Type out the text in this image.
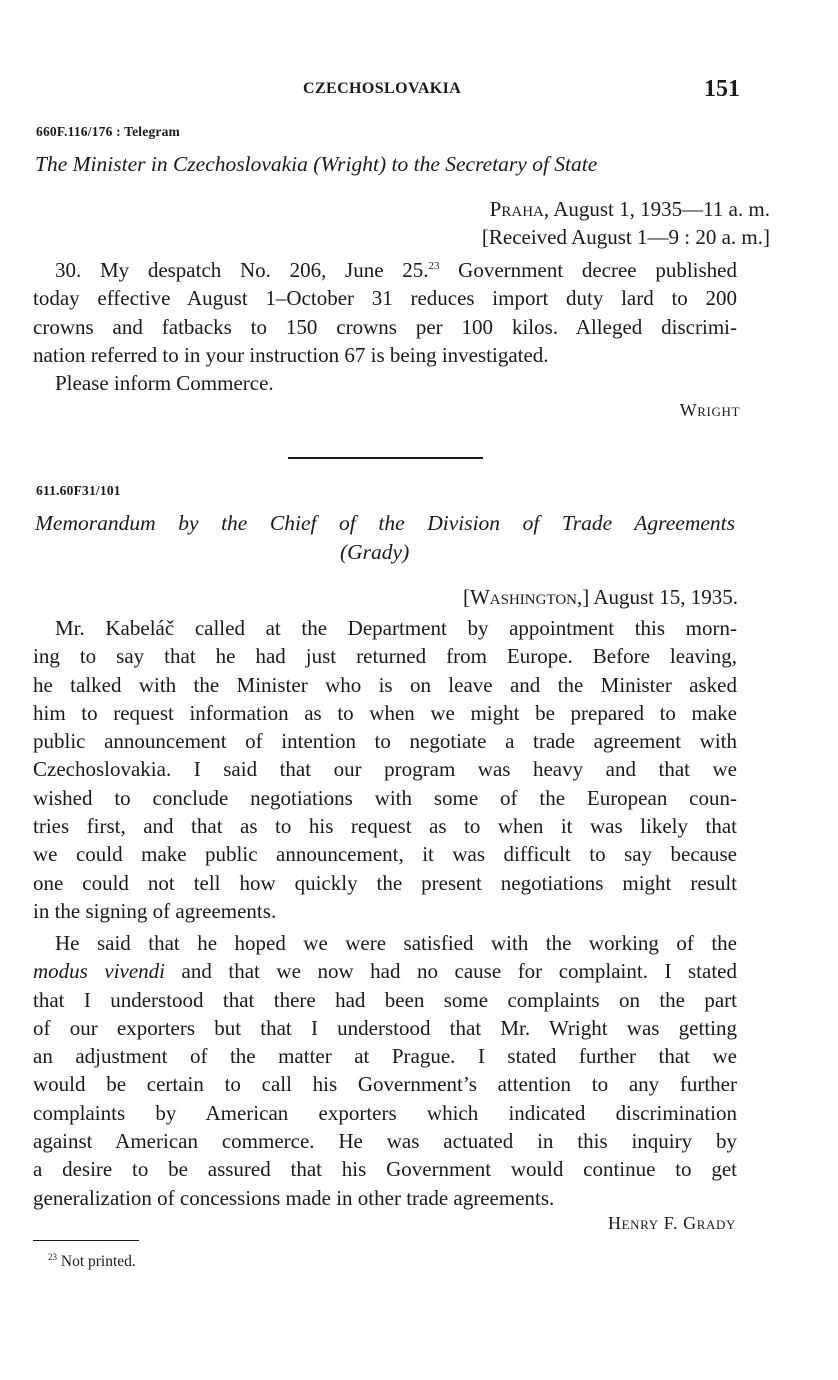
CZECHOSLOVAKIA	151
660F.116/176 : Telegram
The Minister in Czechoslovakia (Wright) to the Secretary of State
Praha, August 1, 1935—11 a. m.
[Received August 1—9 : 20 a. m.]
30. My despatch No. 206, June 25.23 Government decree published
today effective August 1–October 31 reduces import duty lard to 200
crowns and fatbacks to 150 crowns per 100 kilos. Alleged discrimi-
nation referred to in your instruction 67 is being investigated.
Please inform Commerce.
Wright
611.60F31/101
Memorandum by the Chief of the Division of Trade Agreements
(Grady)
[Washington,] August 15, 1935.
Mr. Kabeláč called at the Department by appointment this morn-
ing to say that he had just returned from Europe. Before leaving,
he talked with the Minister who is on leave and the Minister asked
him to request information as to when we might be prepared to make
public announcement of intention to negotiate a trade agreement with
Czechoslovakia. I said that our program was heavy and that we
wished to conclude negotiations with some of the European coun-
tries first, and that as to his request as to when it was likely that
we could make public announcement, it was difficult to say because
one could not tell how quickly the present negotiations might result
in the signing of agreements.
He said that he hoped we were satisfied with the working of the
modus vivendi and that we now had no cause for complaint. I stated
that I understood that there had been some complaints on the part
of our exporters but that I understood that Mr. Wright was getting
an adjustment of the matter at Prague. I stated further that we
would be certain to call his Government’s attention to any further
complaints by American exporters which indicated discrimination
against American commerce. He was actuated in this inquiry by
a desire to be assured that his Government would continue to get
generalization of concessions made in other trade agreements.
Henry F. Grady
$^{23}$ Not printed.
